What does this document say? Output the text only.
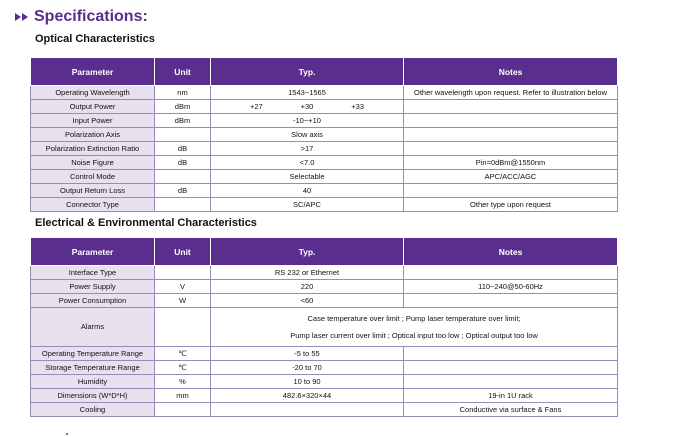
Specifications:
Optical Characteristics
Parameter	Unit	Typ.	Notes
Operating Wavelength	nm	1543~1565	Other wavelength upon request. Refer to illustration below
Output Power	dBm	+27 +30 +33	

Input Power	dBm	-10~+10	
Polarization Axis		Slow axis	
Polarization Extinction Ratio	dB	>17	
Noise Figure	dB	<7.0	Pin=0dBm@1550nm
Control Mode		Selectable	APC/ACC/AGC
Output Return Loss	dB	40	
Connector Type		SC/APC	Other type upon request
Electrical & Environmental Characteristics
Parameter	Unit	Typ.	Notes
Interface Type		RS 232 or Ethernet	
Power Supply	V	220	110~240@50-60Hz
Power Consumption	W	<60	
Alarms		Case temperature over limit ; Pump laser temperature over limit;
Pump laser current over limit ; Optical input too low ; Optical output too low	

Operating Temperature Range	℃	-5 to 55	
Storage Temperature Range	℃	-20 to 70	
Humidity	%	10 to 90	
Dimensions (W*D*H)	mm	482.6×320×44	19-in 1U rack
Cooling			Conductive via surface & Fans
